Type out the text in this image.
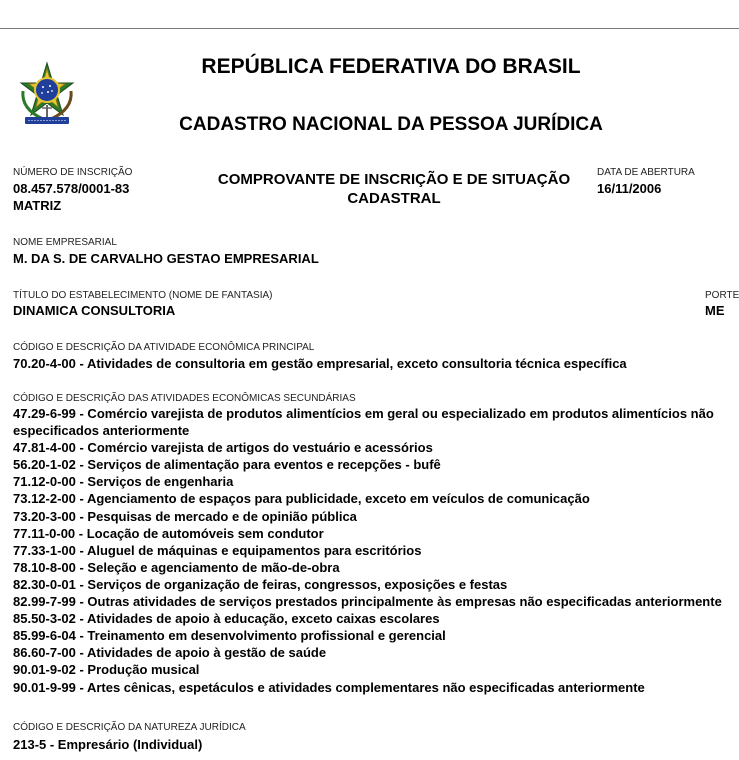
REPÚBLICA FEDERATIVA DO BRASIL
CADASTRO NACIONAL DA PESSOA JURÍDICA
NÚMERO DE INSCRIÇÃO
08.457.578/0001-83
MATRIZ
COMPROVANTE DE INSCRIÇÃO E DE SITUAÇÃO
CADASTRAL
DATA DE ABERTURA
16/11/2006
NOME EMPRESARIAL
M. DA S. DE CARVALHO GESTAO EMPRESARIAL
TÍTULO DO ESTABELECIMENTO (NOME DE FANTASIA)
DINAMICA CONSULTORIA
PORTE
ME
CÓDIGO E DESCRIÇÃO DA ATIVIDADE ECONÔMICA PRINCIPAL
70.20-4-00 - Atividades de consultoria em gestão empresarial, exceto consultoria técnica específica
CÓDIGO E DESCRIÇÃO DAS ATIVIDADES ECONÔMICAS SECUNDÁRIAS
47.29-6-99 - Comércio varejista de produtos alimentícios em geral ou especializado em produtos alimentícios não
especificados anteriormente
47.81-4-00 - Comércio varejista de artigos do vestuário e acessórios
56.20-1-02 - Serviços de alimentação para eventos e recepções - bufê
71.12-0-00 - Serviços de engenharia
73.12-2-00 - Agenciamento de espaços para publicidade, exceto em veículos de comunicação
73.20-3-00 - Pesquisas de mercado e de opinião pública
77.11-0-00 - Locação de automóveis sem condutor
77.33-1-00 - Aluguel de máquinas e equipamentos para escritórios
78.10-8-00 - Seleção e agenciamento de mão-de-obra
82.30-0-01 - Serviços de organização de feiras, congressos, exposições e festas
82.99-7-99 - Outras atividades de serviços prestados principalmente às empresas não especificadas anteriormente
85.50-3-02 - Atividades de apoio à educação, exceto caixas escolares
85.99-6-04 - Treinamento em desenvolvimento profissional e gerencial
86.60-7-00 - Atividades de apoio à gestão de saúde
90.01-9-02 - Produção musical
90.01-9-99 - Artes cênicas, espetáculos e atividades complementares não especificadas anteriormente
CÓDIGO E DESCRIÇÃO DA NATUREZA JURÍDICA
213-5 - Empresário (Individual)
